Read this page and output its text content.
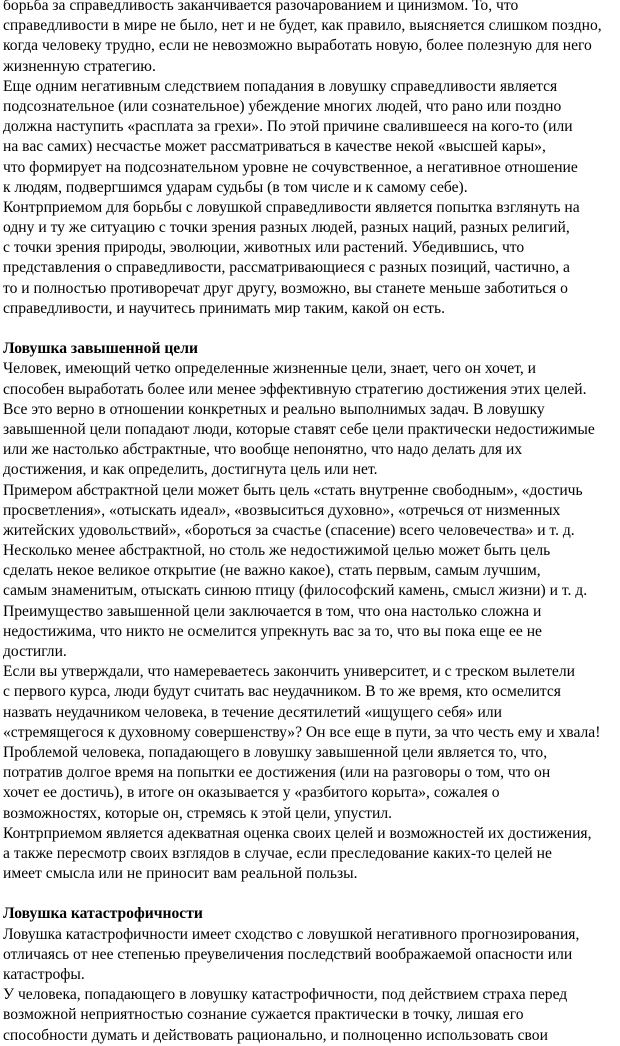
борьба за справедливость заканчивается разочарованием и цинизмом. То, что
справедливости в мире не было, нет и не будет, как правило, выясняется слишком поздно,
когда человеку трудно, если не невозможно выработать новую, более полезную для него
жизненную стратегию.
Еще одним негативным следствием попадания в ловушку справедливости является
подсознательное (или сознательное) убеждение многих людей, что рано или поздно
должна наступить «расплата за грехи». По этой причине свалившееся на кого-то (или
на вас самих) несчастье может рассматриваться в качестве некой «высшей кары»,
что формирует на подсознательном уровне не сочувственное, а негативное отношение
к людям, подвергшимся ударам судьбы (в том числе и к самому себе).
Контрприемом для борьбы с ловушкой справедливости является попытка взглянуть на
одну и ту же ситуацию с точки зрения разных людей, разных наций, разных религий,
с точки зрения природы, эволюции, животных или растений. Убедившись, что
представления о справедливости, рассматривающиеся с разных позиций, частично, а
то и полностью противоречат друг другу, возможно, вы станете меньше заботиться о
справедливости, и научитесь принимать мир таким, какой он есть.
Ловушка завышенной цели
Человек, имеющий четко определенные жизненные цели, знает, чего он хочет, и
способен выработать более или менее эффективную стратегию достижения этих целей.
Все это верно в отношении конкретных и реально выполнимых задач. В ловушку
завышенной цели попадают люди, которые ставят себе цели практически недостижимые
или же настолько абстрактные, что вообще непонятно, что надо делать для их
достижения, и как определить, достигнута цель или нет.
Примером абстрактной цели может быть цель «стать внутренне свободным», «достичь
просветления», «отыскать идеал», «возвыситься духовно», «отречься от низменных
житейских удовольствий», «бороться за счастье (спасение) всего человечества» и т. д.
Несколько менее абстрактной, но столь же недостижимой целью может быть цель
сделать некое великое открытие (не важно какое), стать первым, самым лучшим,
самым знаменитым, отыскать синюю птицу (философский камень, смысл жизни) и т. д.
Преимущество завышенной цели заключается в том, что она настолько сложна и
недостижима, что никто не осмелится упрекнуть вас за то, что вы пока еще ее не
достигли.
Если вы утверждали, что намереваетесь закончить университет, и с треском вылетели
с первого курса, люди будут считать вас неудачником. В то же время, кто осмелится
назвать неудачником человека, в течение десятилетий «ищущего себя» или
«стремящегося к духовному совершенству»? Он все еще в пути, за что честь ему и хвала!
Проблемой человека, попадающего в ловушку завышенной цели является то, что,
потратив долгое время на попытки ее достижения (или на разговоры о том, что он
хочет ее достичь), в итоге он оказывается у «разбитого корыта», сожалея о
возможностях, которые он, стремясь к этой цели, упустил.
Контрприемом является адекватная оценка своих целей и возможностей их достижения,
а также пересмотр своих взглядов в случае, если преследование каких-то целей не
имеет смысла или не приносит вам реальной пользы.
Ловушка катастрофичности
Ловушка катастрофичности имеет сходство с ловушкой негативного прогнозирования,
отличаясь от нее степенью преувеличения последствий воображаемой опасности или
катастрофы.
У человека, попадающего в ловушку катастрофичности, под действием страха перед
возможной неприятностью сознание сужается практически в точку, лишая его
способности думать и действовать рационально, и полноценно использовать свои
